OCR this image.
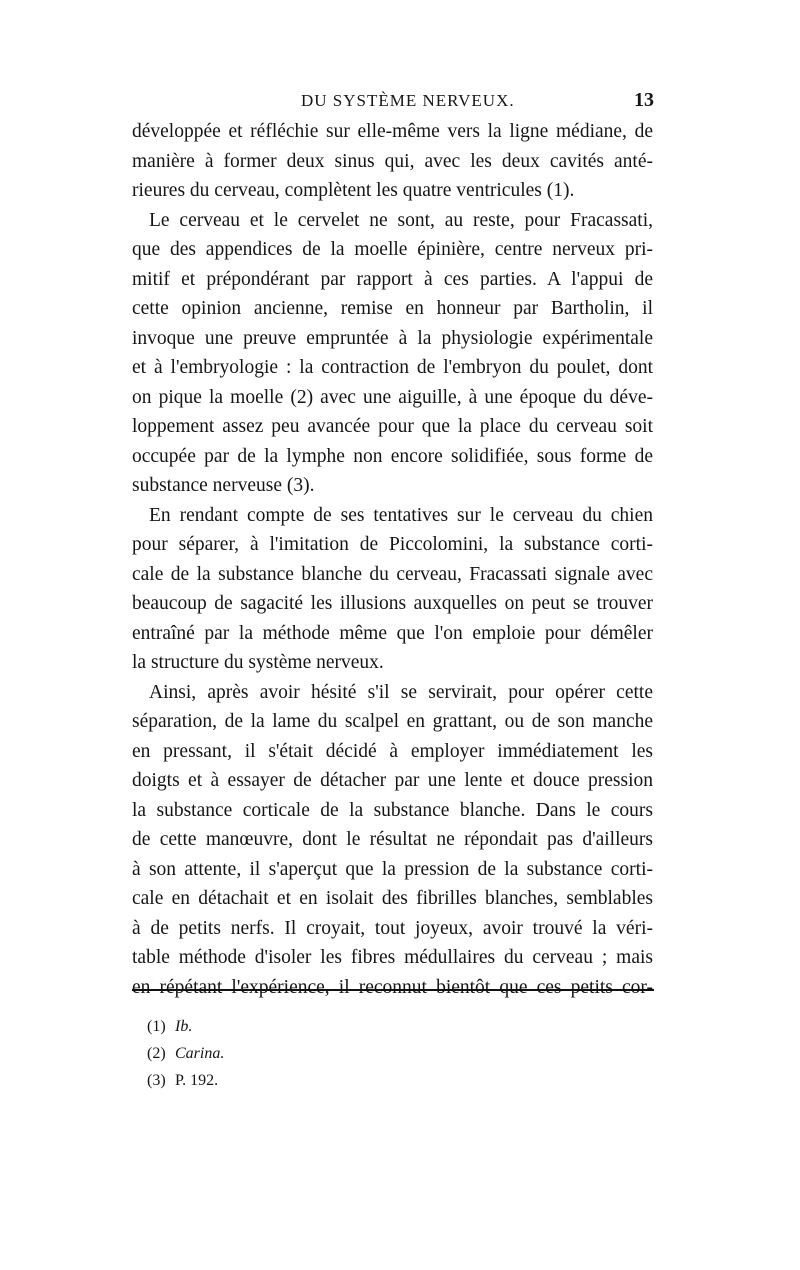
DU SYSTÈME NERVEUX.	13
développée et réfléchie sur elle-même vers la ligne médiane, de
manière à former deux sinus qui, avec les deux cavités anté-
rieures du cerveau, complètent les quatre ventricules (1).
Le cerveau et le cervelet ne sont, au reste, pour Fracassati,
que des appendices de la moelle épinière, centre nerveux pri-
mitif et prépondérant par rapport à ces parties. A l'appui de
cette opinion ancienne, remise en honneur par Bartholin, il
invoque une preuve empruntée à la physiologie expérimentale
et à l'embryologie : la contraction de l'embryon du poulet, dont
on pique la moelle (2) avec une aiguille, à une époque du déve-
loppement assez peu avancée pour que la place du cerveau soit
occupée par de la lymphe non encore solidifiée, sous forme de
substance nerveuse (3).
En rendant compte de ses tentatives sur le cerveau du chien
pour séparer, à l'imitation de Piccolomini, la substance corti-
cale de la substance blanche du cerveau, Fracassati signale avec
beaucoup de sagacité les illusions auxquelles on peut se trouver
entraîné par la méthode même que l'on emploie pour démêler
la structure du système nerveux.
Ainsi, après avoir hésité s'il se servirait, pour opérer cette
séparation, de la lame du scalpel en grattant, ou de son manche
en pressant, il s'était décidé à employer immédiatement les
doigts et à essayer de détacher par une lente et douce pression
la substance corticale de la substance blanche. Dans le cours
de cette manœuvre, dont le résultat ne répondait pas d'ailleurs
à son attente, il s'aperçut que la pression de la substance corti-
cale en détachait et en isolait des fibrilles blanches, semblables
à de petits nerfs. Il croyait, tout joyeux, avoir trouvé la véri-
table méthode d'isoler les fibres médullaires du cerveau ; mais
en répétant l'expérience, il reconnut bientôt que ces petits cor-
(1) Ib.
(2) Carina.
(3) P. 192.
